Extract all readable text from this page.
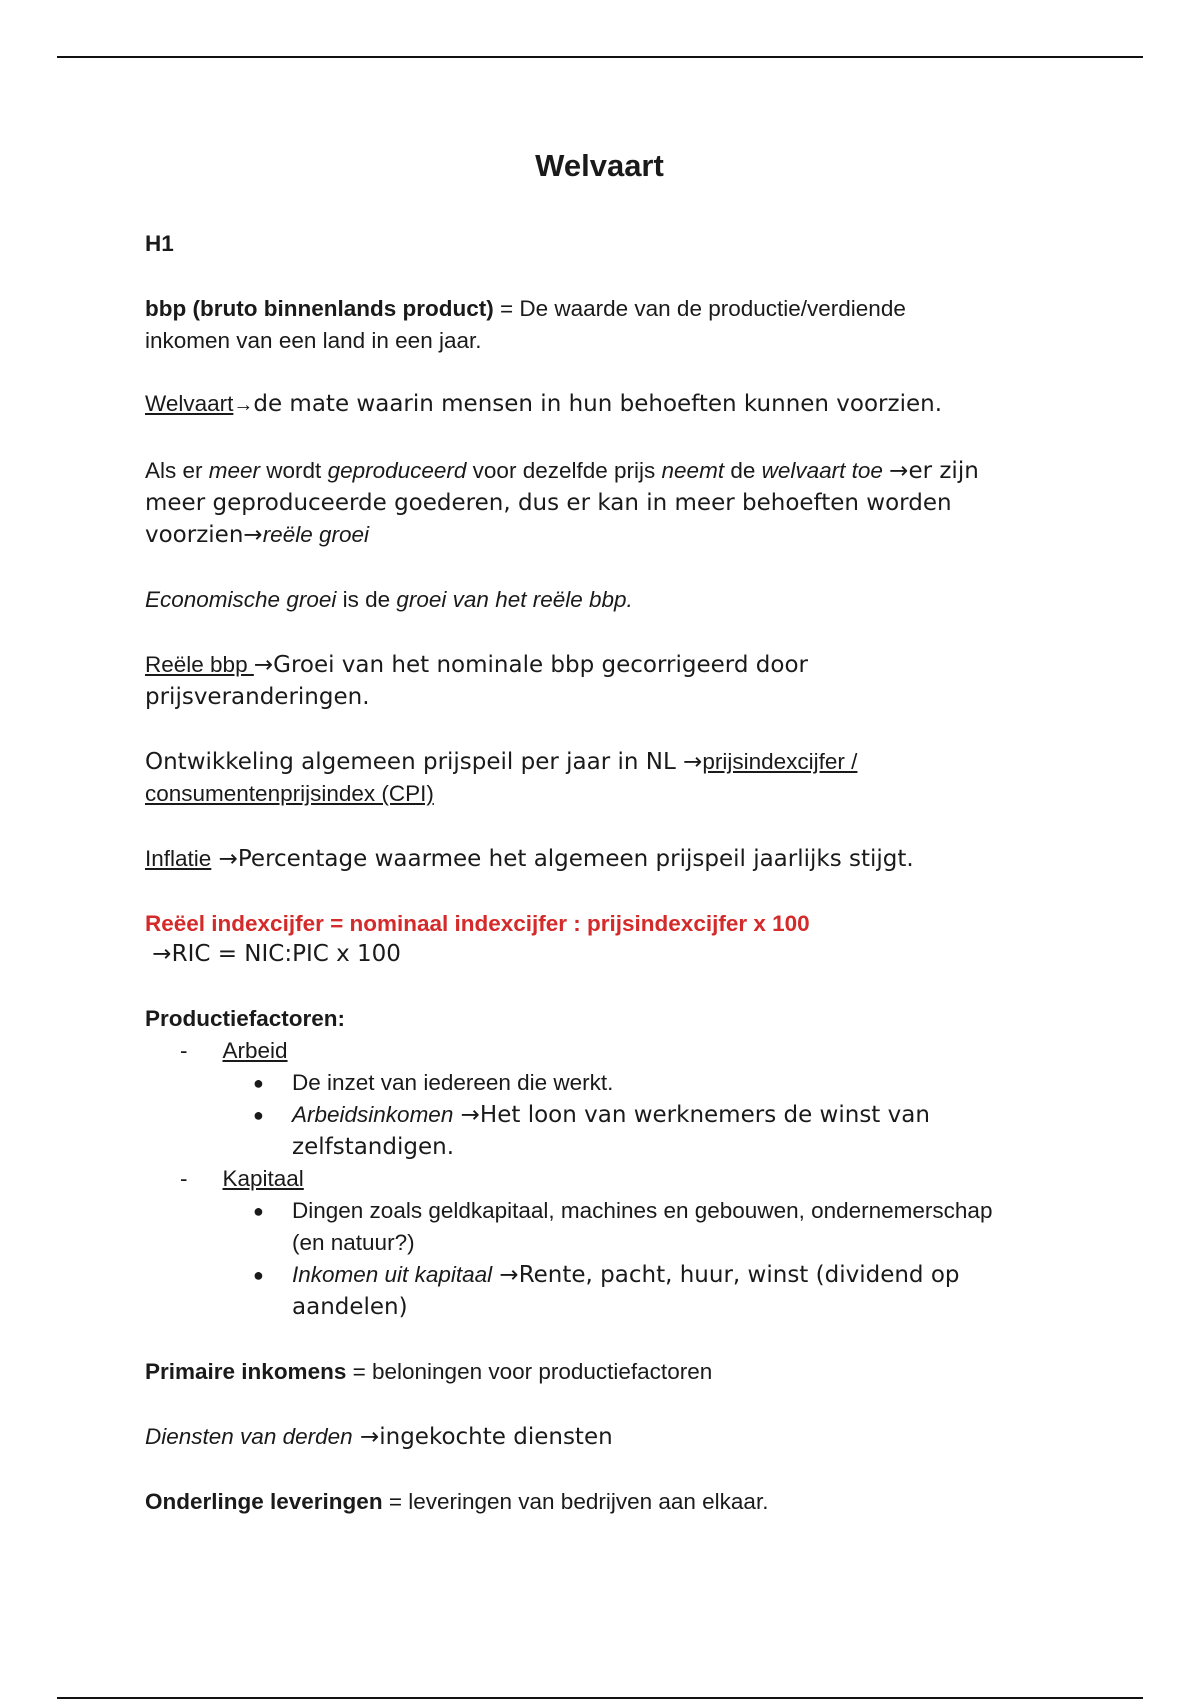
Welvaart
H1
bbp (bruto binnenlands product) = De waarde van de productie/verdiende
inkomen van een land in een jaar.
Welvaart→de mate waarin mensen in hun behoeften kunnen voorzien.
Als er meer wordt geproduceerd voor dezelfde prijs neemt de welvaart toe →er zijn
meer geproduceerde goederen, dus er kan in meer behoeften worden
voorzien→reële groei
Economische groei is de groei van het reële bbp.
Reële bbp →Groei van het nominale bbp gecorrigeerd door
prijsveranderingen.
Ontwikkeling algemeen prijspeil per jaar in NL →prijsindexcijfer /
consumentenprijsindex (CPI)
Inflatie →Percentage waarmee het algemeen prijspeil jaarlijks stijgt.
Reëel indexcijfer = nominaal indexcijfer : prijsindexcijfer x 100
→RIC = NIC:PIC x 100
Productiefactoren:
- Arbeid
● De inzet van iedereen die werkt.
● Arbeidsinkomen →Het loon van werknemers de winst van
zelfstandigen.
- Kapitaal
● Dingen zoals geldkapitaal, machines en gebouwen, ondernemerschap
(en natuur?)
● Inkomen uit kapitaal →Rente, pacht, huur, winst (dividend op
aandelen)
Primaire inkomens = beloningen voor productiefactoren
Diensten van derden →ingekochte diensten
Onderlinge leveringen = leveringen van bedrijven aan elkaar.
